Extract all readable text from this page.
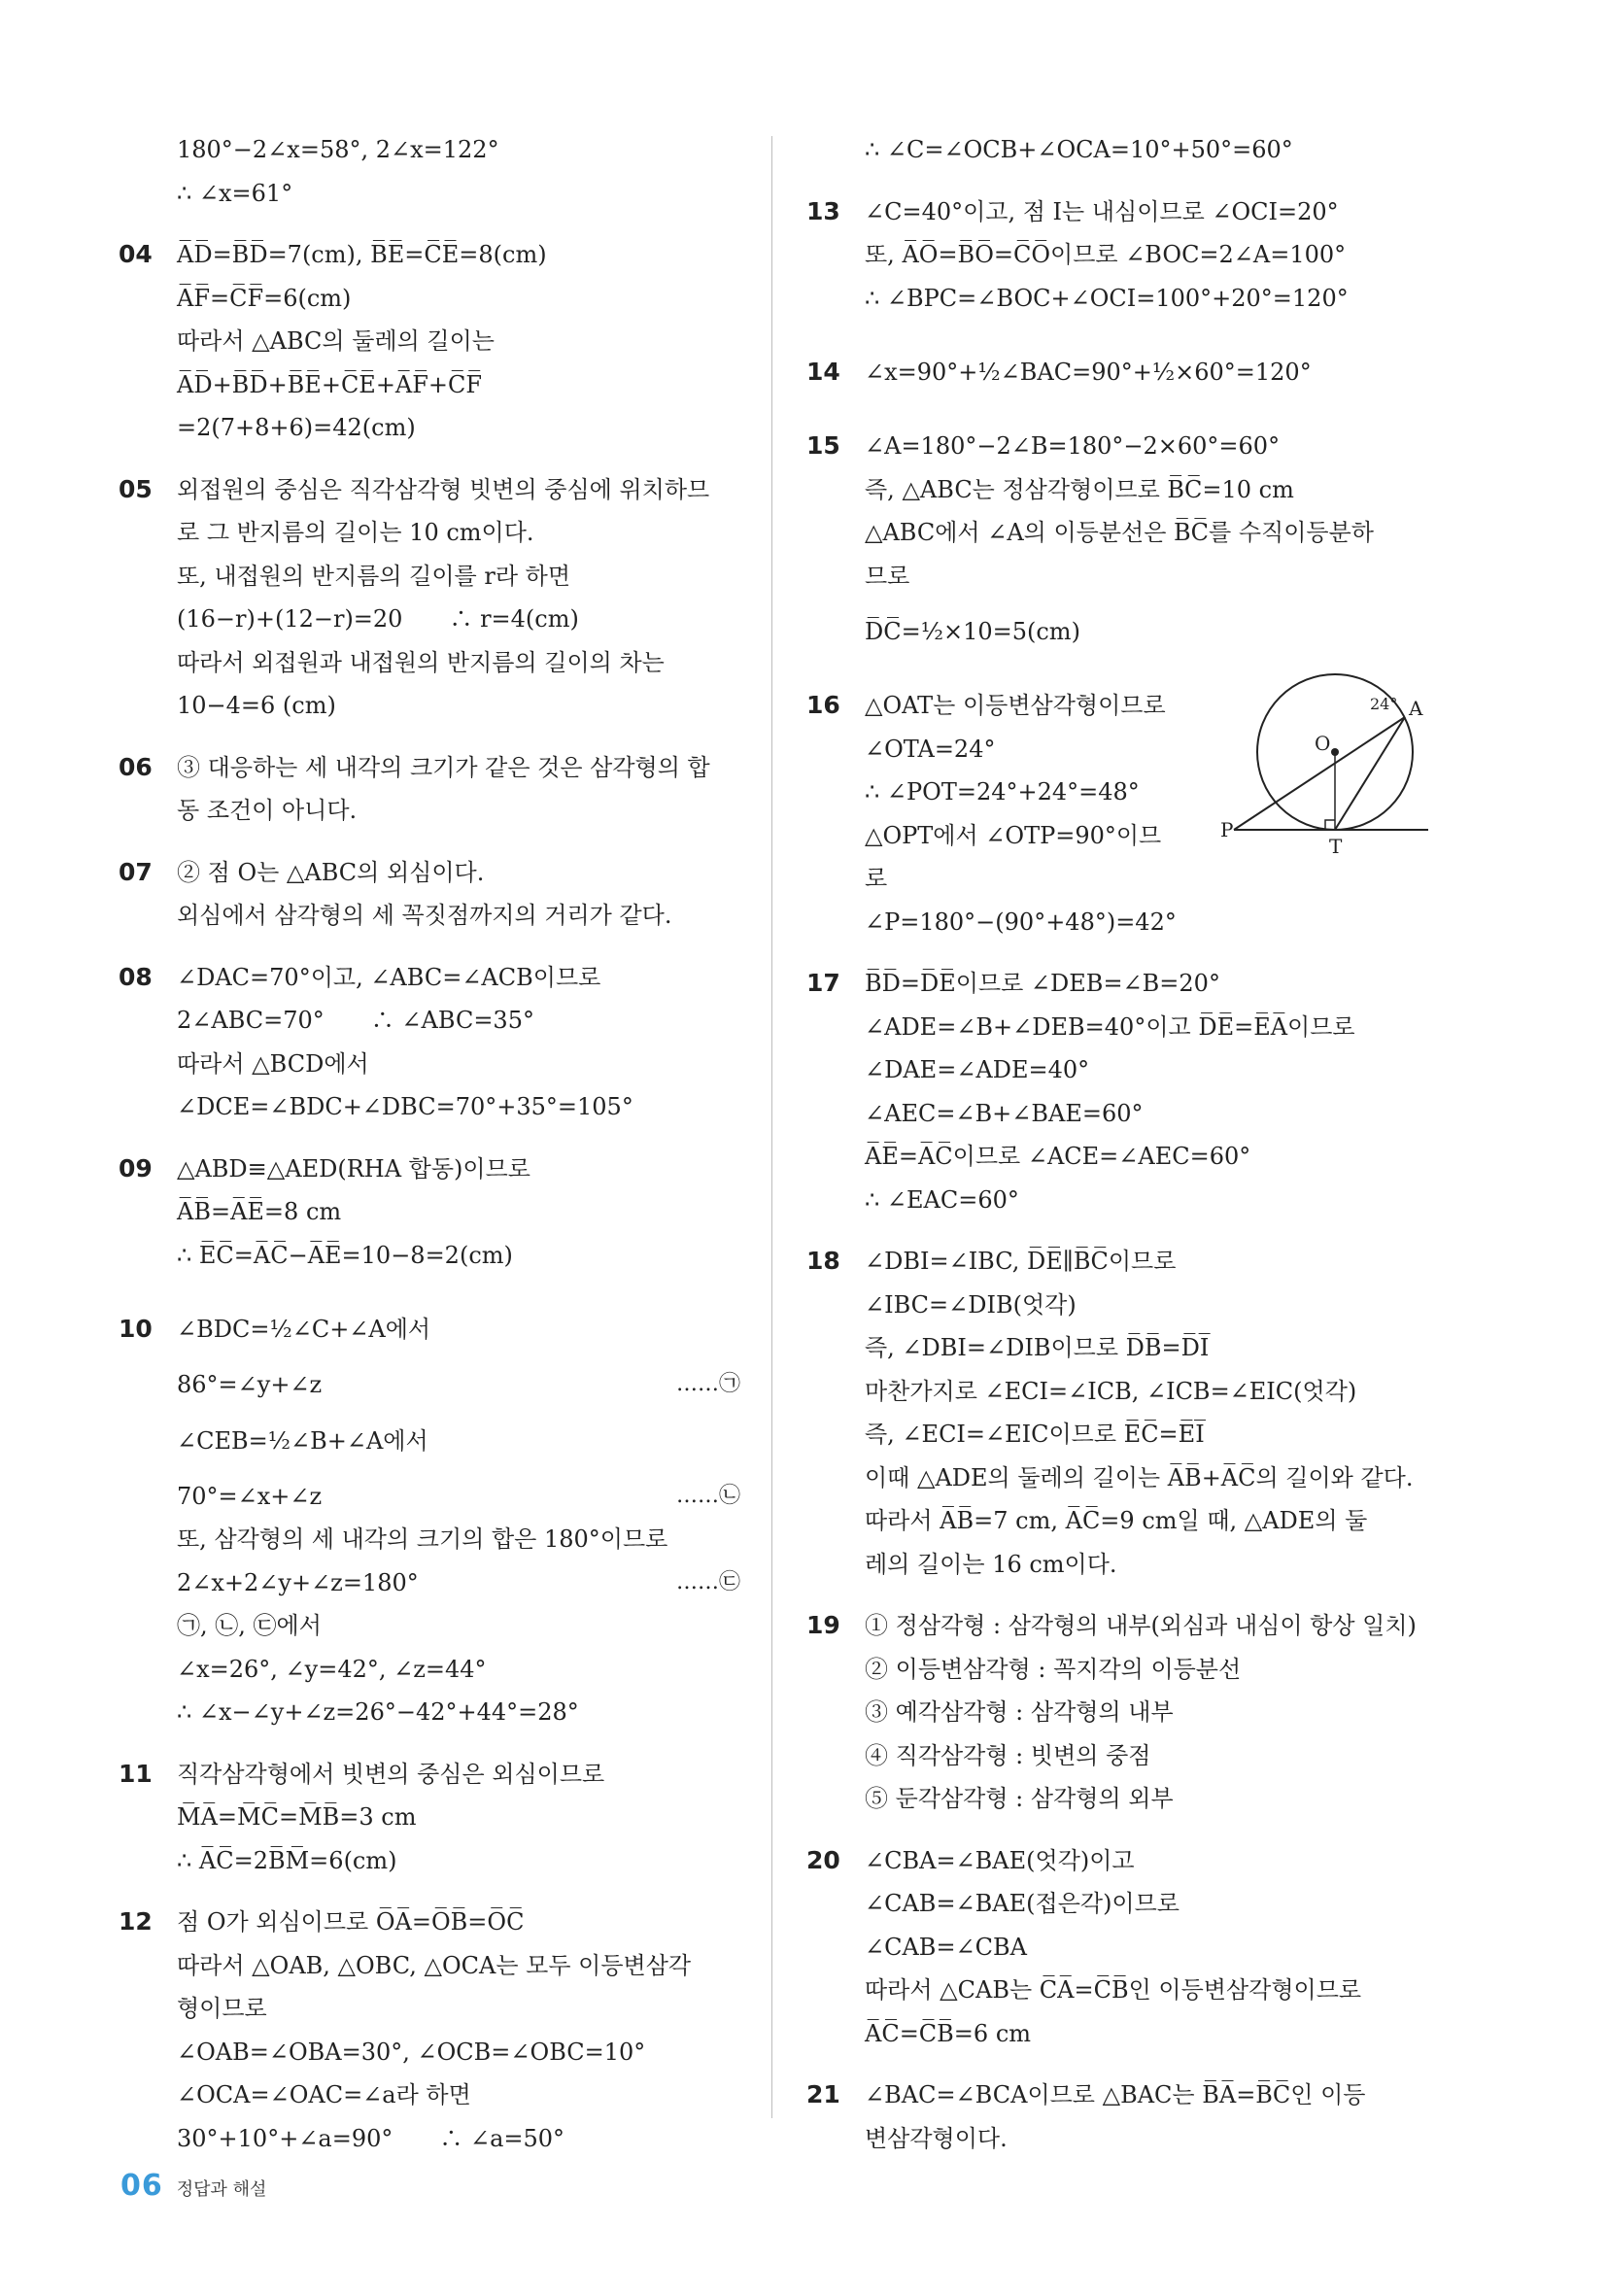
180°−2∠x=58°, 2∠x=122°
∴ ∠x=61°
04 A̅D̅=B̅D̅=7(cm), B̅E̅=C̅E̅=8(cm)
A̅F̅=C̅F̅=6(cm)
따라서 △ABC의 둘레의 길이는
A̅D̅+B̅D̅+B̅E̅+C̅E̅+A̅F̅+C̅F̅
=2(7+8+6)=42(cm)
05 외접원의 중심은 직각삼각형 빗변의 중심에 위치하므
로 그 반지름의 길이는 10 cm이다.
또, 내접원의 반지름의 길이를 r라 하면
(16−r)+(12−r)=20　　∴ r=4(cm)
따라서 외접원과 내접원의 반지름의 길이의 차는
10−4=6 (cm)
06 ③ 대응하는 세 내각의 크기가 같은 것은 삼각형의 합
동 조건이 아니다.
07 ② 점 O는 △ABC의 외심이다.
외심에서 삼각형의 세 꼭짓점까지의 거리가 같다.
08 ∠DAC=70°이고, ∠ABC=∠ACB이므로
2∠ABC=70°　　∴ ∠ABC=35°
따라서 △BCD에서
∠DCE=∠BDC+∠DBC=70°+35°=105°
09 △ABD≡△AED(RHA 합동)이므로
A̅B̅=A̅E̅=8 cm
∴ E̅C̅=A̅C̅−A̅E̅=10−8=2(cm)
10 ∠BDC=½∠C+∠A에서
86°=∠y+∠z	……㉠
∠CEB=½∠B+∠A에서
70°=∠x+∠z	……㉡
또, 삼각형의 세 내각의 크기의 합은 180°이므로
2∠x+2∠y+∠z=180°	……㉢
㉠, ㉡, ㉢에서
∠x=26°, ∠y=42°, ∠z=44°
∴ ∠x−∠y+∠z=26°−42°+44°=28°
11 직각삼각형에서 빗변의 중심은 외심이므로
M̅A̅=M̅C̅=M̅B̅=3 cm
∴ A̅C̅=2B̅M̅=6(cm)
12 점 O가 외심이므로 O̅A̅=O̅B̅=O̅C̅
따라서 △OAB, △OBC, △OCA는 모두 이등변삼각
형이므로
∠OAB=∠OBA=30°, ∠OCB=∠OBC=10°
∠OCA=∠OAC=∠a라 하면
30°+10°+∠a=90°　　∴ ∠a=50°
∴ ∠C=∠OCB+∠OCA=10°+50°=60°
13 ∠C=40°이고, 점 I는 내심이므로 ∠OCI=20°
또, A̅O̅=B̅O̅=C̅O̅이므로 ∠BOC=2∠A=100°
∴ ∠BPC=∠BOC+∠OCI=100°+20°=120°
14 ∠x=90°+½∠BAC=90°+½×60°=120°
15 ∠A=180°−2∠B=180°−2×60°=60°
즉, △ABC는 정삼각형이므로 B̅C̅=10 cm
△ABC에서 ∠A의 이등분선은 B̅C̅를 수직이등분하
므로
D̅C̅=½×10=5(cm)
16 △OAT는 이등변삼각형이므로
∠OTA=24°
∴ ∠POT=24°+24°=48°
△OPT에서 ∠OTP=90°이므
로
∠P=180°−(90°+48°)=42°
17 B̅D̅=D̅E̅이므로 ∠DEB=∠B=20°
∠ADE=∠B+∠DEB=40°이고 D̅E̅=E̅A̅이므로
∠DAE=∠ADE=40°
∠AEC=∠B+∠BAE=60°
A̅E̅=A̅C̅이므로 ∠ACE=∠AEC=60°
∴ ∠EAC=60°
18 ∠DBI=∠IBC, D̅E̅∥B̅C̅이므로
∠IBC=∠DIB(엇각)
즉, ∠DBI=∠DIB이므로 D̅B̅=D̅I̅
마찬가지로 ∠ECI=∠ICB, ∠ICB=∠EIC(엇각)
즉, ∠ECI=∠EIC이므로 E̅C̅=E̅I̅
이때 △ADE의 둘레의 길이는 A̅B̅+A̅C̅의 길이와 같다.
따라서 A̅B̅=7 cm, A̅C̅=9 cm일 때, △ADE의 둘
레의 길이는 16 cm이다.
19 ① 정삼각형 : 삼각형의 내부(외심과 내심이 항상 일치)
② 이등변삼각형 : 꼭지각의 이등분선
③ 예각삼각형 : 삼각형의 내부
④ 직각삼각형 : 빗변의 중점
⑤ 둔각삼각형 : 삼각형의 외부
20 ∠CBA=∠BAE(엇각)이고
∠CAB=∠BAE(접은각)이므로
∠CAB=∠CBA
따라서 △CAB는 C̅A̅=C̅B̅인 이등변삼각형이므로
A̅C̅=C̅B̅=6 cm
21 ∠BAC=∠BCA이므로 △BAC는 B̅A̅=B̅C̅인 이등
변삼각형이다.
A
O
P
T
24°
06 정답과 해설
